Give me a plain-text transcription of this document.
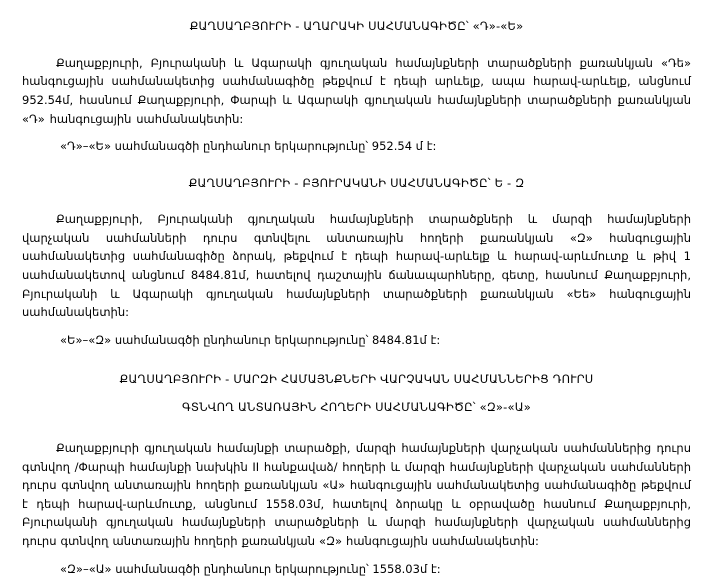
ՔԱՂՍԱՂԲՅՈՒՐԻ - ԱՂԱՐԱԿԻ ՍԱՀՄԱՆԱԳԻԾԸ՝ «Դ»-«Ե»
Քաղաքբյուրի, Բյուրականի և Ագարակի գյուղական համայնքների տարածքների քառանկյան «Դե» հանգուցային սահմանակետից սահմանագիծը թեքվում է դեպի արևելք, ապա հարավ-արևելք, անցնում 952.54մ, հասնում Քաղաքբյուրի, Փարպի և Ագարակի գյուղական համայնքների տարածքների քառանկյան «Դ» հանգուցային սահմանակետին:
«Դ»–«Ե» սահմանագծի ընդհանուր երկարությունը՝ 952.54 մ է:
ՔԱՂՍԱՂԲՅՈՒՐԻ - ԲՅՈՒՐԱԿԱՆԻ ՍԱՀՄԱՆԱԳԻԾԸ՝ Ե - Զ
Քաղաքբյուրի, Բյուրականի գյուղական համայնքների տարածքների և մարզի համայնքների վարչական սահմանների դուրս գտնվելու անտառային հողերի քառանկյան «Զ» հանգուցային սահմանակետից սահմանագիծը ձորակ, թեքվում է դեպի հարավ-արևելք և հարավ-արևմուտք և թիվ 1 սահմանակետով անցնում 8484.81մ, հատելով դաշտային ճանապարհները, գետը, հասնում Քաղաքբյուրի, Բյուրականի և Ագարակի գյուղական համայնքների տարածքների քառանկյան «Եե» հանգուցային սահմանակետին:
«Ե»–«Զ» սահմանագծի ընդհանուր երկարությունը՝ 8484.81մ է:
ՔԱՂՍԱՂԲՅՈՒՐԻ - ՄԱՐԶԻ ՀԱՄԱՅՆՔՆԵՐԻ ՎԱՐՉԱԿԱՆ ՍԱՀՄԱՆՆԵՐԻՑ ԴՈՒՐՍ
ԳՏՆՎՈՂ ԱՆՏԱՌԱՅԻՆ ՀՈՂԵՐԻ ՍԱՀՄԱՆԱԳԻԾԸ՝ «Զ»-«Ա»
Քաղաքբյուրի գյուղական համայնքի տարածքի, մարզի համայնքների վարչական սահմաններից դուրս գտնվող /Փարպի համայնքի նախկին II հանքավաձ/ հողերի և մարզի համայնքների վարչական սահմանների դուրս գտնվող անտառային հողերի քառանկյան «Ա» հանգուցային սահմանակետից սահմանագիծը թեքվում է դեպի հարավ-արևմուտք, անցնում 1558.03մ, հատելով ձորակը և օբրավածը հասնում Քաղաքբյուրի, Բյուրականի գյուղական համայնքների տարածքների և մարզի համայնքների վարչական սահմաններից դուրս գտնվող անտառային հողերի քառանկյան «Զ» հանգուցային սահմանակետին:
«Զ»–«Ա» սահմանագծի ընդհանուր երկարությունը՝ 1558.03մ է:
